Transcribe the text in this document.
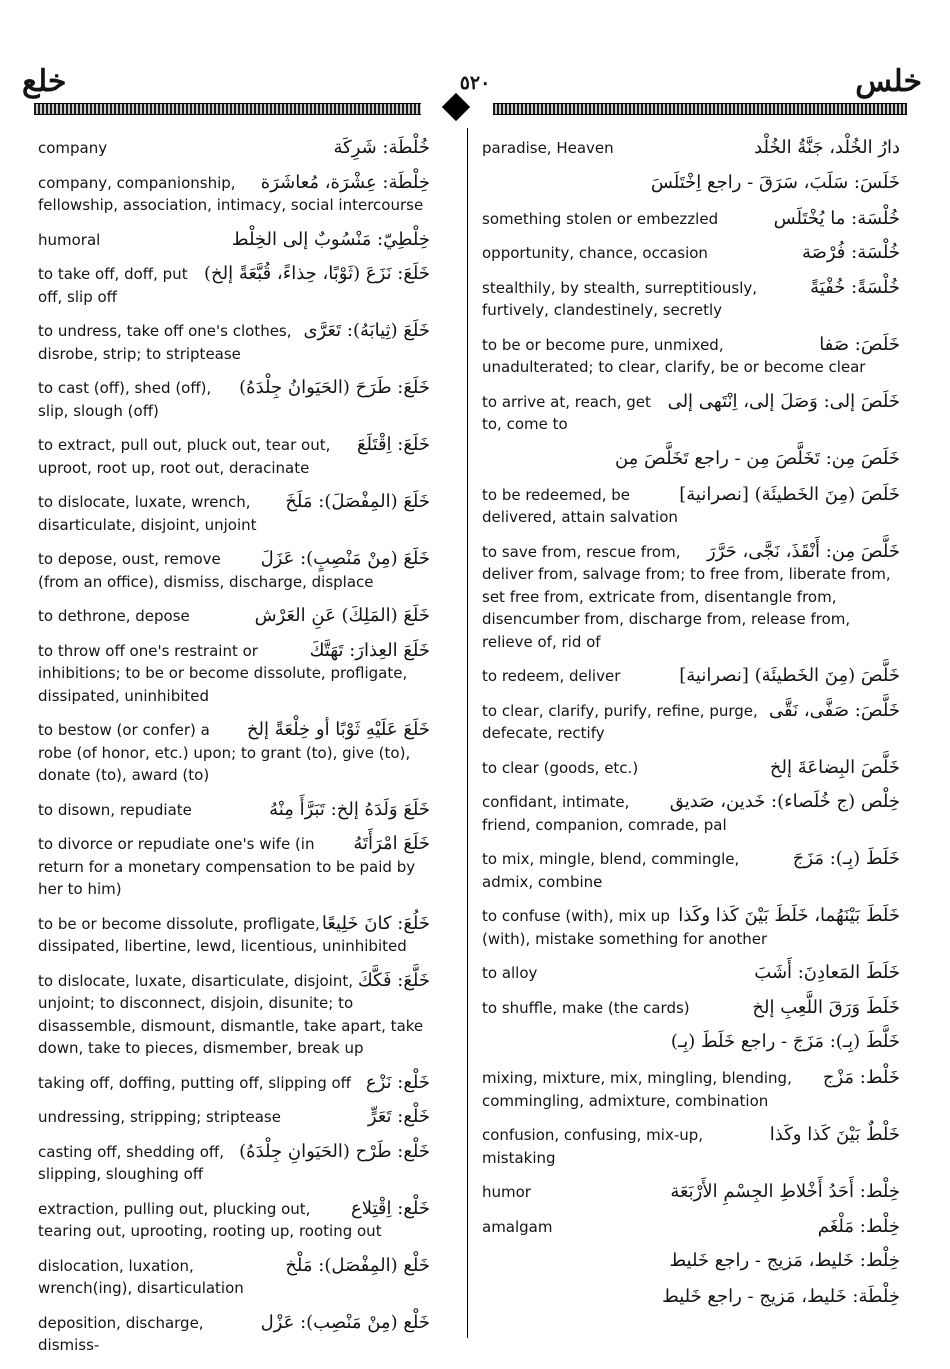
خلع	٥٢٠	خلس
خُلْطَة: شَرِكَة
company
خِلْطَة: عِشْرَة، مُعاشَرَة
company, companionship, fellowship, association, intimacy, social intercourse
خِلْطِيّ: مَنْسُوبٌ إلى الخِلْط
humoral
خَلَعَ: نَزَعَ (ثَوْبًا، حِذاءً، قُبَّعَةً إلخ)
to take off, doff, put off, slip off
خَلَعَ (ثِيابَهُ): تَعَرَّى
to undress, take off one's clothes, disrobe, strip; to striptease
خَلَعَ: طَرَحَ (الحَيَوانُ جِلْدَهُ)
to cast (off), shed (off), slip, slough (off)
خَلَعَ: اِقْتَلَعَ
to extract, pull out, pluck out, tear out, uproot, root up, root out, deracinate
خَلَعَ (المِفْصَلَ): مَلَخَ
to dislocate, luxate, wrench, disarticulate, disjoint, unjoint
خَلَعَ (مِنْ مَنْصِبٍ): عَزَلَ
to depose, oust, remove (from an office), dismiss, discharge, displace
خَلَعَ (المَلِكَ) عَنِ العَرْش
to dethrone, depose
خَلَعَ العِذارَ: تَهَتَّكَ
to throw off one's restraint or inhibitions; to be or become dissolute, profligate, dissipated, uninhibited
خَلَعَ عَلَيْهِ ثَوْبًا أو خِلْعَةً إلخ
to bestow (or confer) a robe (of honor, etc.) upon; to grant (to), give (to), donate (to), award (to)
خَلَعَ وَلَدَهُ إلخ: تَبَرَّأَ مِنْهُ
to disown, repudiate
خَلَعَ امْرَأَتَهُ
to divorce or repudiate one's wife (in return for a monetary compensation to be paid by her to him)
خَلُعَ: كانَ خَلِيعًا
to be or become dissolute, profligate, dissipated, libertine, lewd, licentious, uninhibited
خَلَّعَ: فَكَّكَ
to dislocate, luxate, disarticulate, disjoint, unjoint; to disconnect, disjoin, disunite; to disassemble, dismount, dismantle, take apart, take down, take to pieces, dismember, break up
خَلْع: نَزْع
taking off, doffing, putting off, slipping off
خَلْع: تَعَرٍّ
undressing, stripping; striptease
خَلْع: طَرْح (الحَيَوانِ جِلْدَهُ)
casting off, shedding off, slipping, sloughing off
خَلْع: اِقْتِلاع
extraction, pulling out, plucking out, tearing out, uprooting, rooting up, rooting out
خَلْع (المِفْصَل): مَلْخ
dislocation, luxation, wrench(ing), disarticulation
خَلْع (مِنْ مَنْصِب): عَزْل
deposition, discharge, dismiss-
دارُ الخُلْد، جَنَّةُ الخُلْد
paradise, Heaven
خَلَسَ: سَلَبَ، سَرَقَ - راجع اِخْتَلَسَ
خُلْسَة: ما يُخْتَلَس
something stolen or embezzled
خُلْسَة: فُرْصَة
opportunity, chance, occasion
خُلْسَةً: خُفْيَةً
stealthily, by stealth, surreptitiously, furtively, clandestinely, secretly
خَلَصَ: صَفا
to be or become pure, unmixed, unadulterated; to clear, clarify, be or become clear
خَلَصَ إلى: وَصَلَ إلى، اِنْتَهى إلى
to arrive at, reach, get to, come to
خَلَصَ مِن: تَخَلَّصَ مِن - راجع تَخَلَّصَ مِن
خَلَصَ (مِنَ الخَطيئَة) [نصرانية]
to be redeemed, be delivered, attain salvation
خَلَّصَ مِن: أَنْقَذَ، نَجَّى، حَرَّرَ
to save from, rescue from, deliver from, salvage from; to free from, liberate from, set free from, extricate from, disentangle from, disencumber from, discharge from, release from, relieve of, rid of
خَلَّصَ (مِنَ الخَطيئَة) [نصرانية]
to redeem, deliver
خَلَّصَ: صَفَّى، نَقَّى
to clear, clarify, purify, refine, purge, defecate, rectify
خَلَّصَ البِضاعَةَ إلخ
to clear (goods, etc.)
خِلْص (ج خُلَصاء): خَدين، صَديق
confidant, intimate, friend, companion, comrade, pal
خَلَطَ (بِـ): مَزَجَ
to mix, mingle, blend, commingle, admix, combine
خَلَطَ بَيْنَهُما، خَلَطَ بَيْنَ كَذا وكَذا
to confuse (with), mix up (with), mistake something for another
خَلَطَ المَعادِنَ: أَشَبَ
to alloy
خَلَطَ وَرَقَ اللَّعِبِ إلخ
to shuffle, make (the cards)
خَلَّطَ (بِـ): مَزَجَ - راجع خَلَطَ (بِـ)
خَلْط: مَزْج
mixing, mixture, mix, mingling, blending, commingling, admixture, combination
خَلْطٌ بَيْنَ كَذا وكَذا
confusion, confusing, mix-up, mistaking
خِلْط: أَحَدُ أَخْلاطِ الجِسْمِ الأَرْبَعَة
humor
خِلْط: مَلْغَم
amalgam
خِلْط: خَليط، مَزيج - راجع خَليط
خِلْطَة: خَليط، مَزيج - راجع خَليط
